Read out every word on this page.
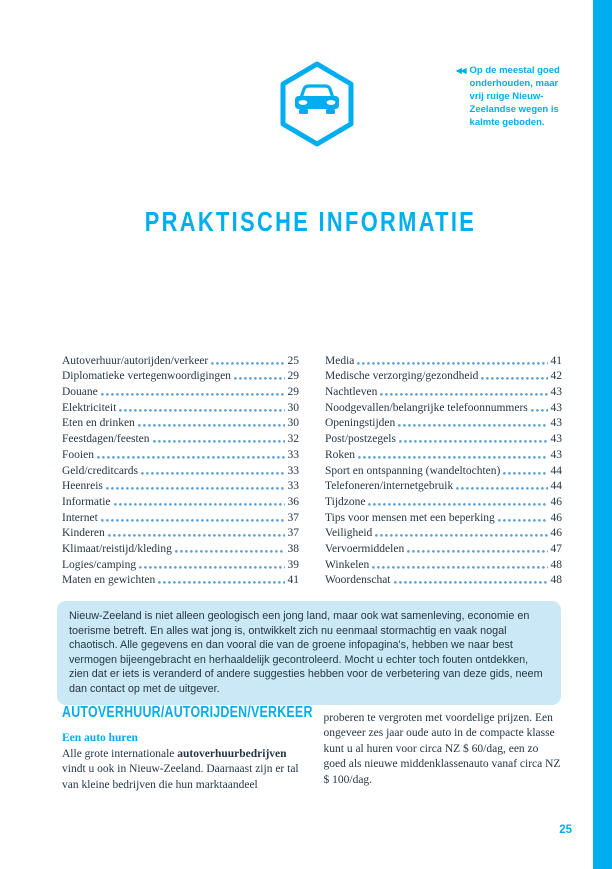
◀◀ Op de meestal goed onderhouden, maar vrij ruige Nieuw-Zeelandse wegen is kalmte geboden.
PRAKTISCHE INFORMATIE
Autoverhuur/autorijden/verkeer	25
Diplomatieke vertegenwoordigingen	29
Douane	29
Elektriciteit	30
Eten en drinken	30
Feestdagen/feesten	32
Fooien	33
Geld/creditcards	33
Heenreis	33
Informatie	36
Internet	37
Kinderen	37
Klimaat/reistijd/kleding	38
Logies/camping	39
Maten en gewichten	41
Media	41
Medische verzorging/gezondheid	42
Nachtleven	43
Noodgevallen/belangrijke telefoonnummers 43
Openingstijden	43
Post/postzegels	43
Roken	43
Sport en ontspanning (wandeltochten)	44
Telefoneren/internetgebruik	44
Tijdzone	46
Tips voor mensen met een beperking	46
Veiligheid	46
Vervoermiddelen	47
Winkelen	48
Woordenschat	48
Nieuw-Zeeland is niet alleen geologisch een jong land, maar ook wat samenleving, economie en toerisme betreft. En alles wat jong is, ontwikkelt zich nu eenmaal stormachtig en vaak nogal chaotisch. Alle gegevens en dan vooral die van de groene infopagina's, hebben we naar best vermogen bijeengebracht en herhaaldelijk gecontroleerd. Mocht u echter toch fouten ontdekken, zien dat er iets is veranderd of andere suggesties hebben voor de verbetering van deze gids, neem dan contact op met de uitgever.
AUTOVERHUUR/AUTORIJDEN/VERKEER
Een auto huren
Alle grote internationale autoverhuurbedrijven vindt u ook in Nieuw-Zeeland. Daarnaast zijn er tal van kleine bedrijven die hun marktaandeel
proberen te vergroten met voordelige prijzen. Een ongeveer zes jaar oude auto in de compacte klasse kunt u al huren voor circa NZ $ 60/dag, een zo goed als nieuwe middenklassenauto vanaf circa NZ $ 100/dag.
25
